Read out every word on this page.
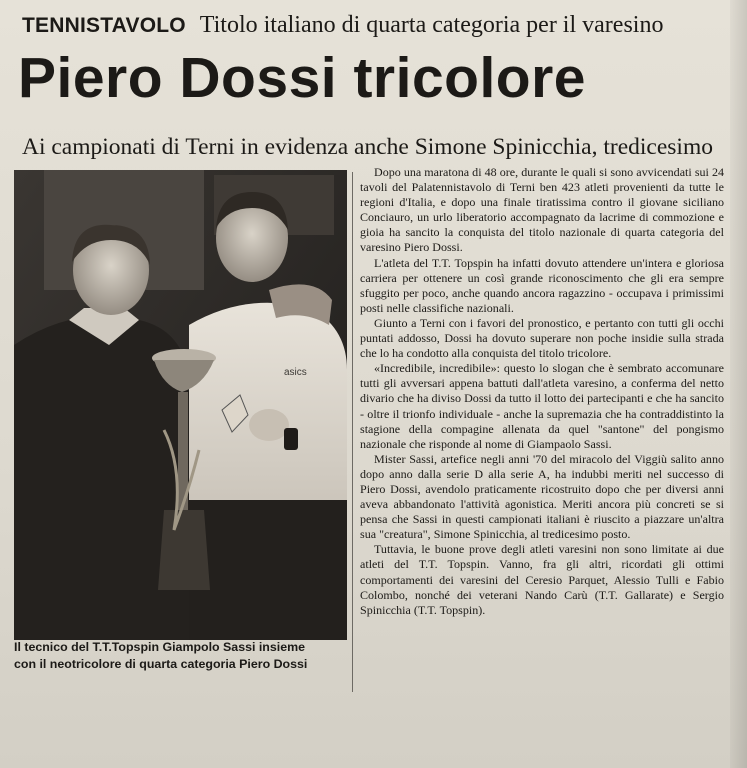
TENNISTAVOLO Titolo italiano di quarta categoria per il varesino
Piero Dossi tricolore
Ai campionati di Terni in evidenza anche Simone Spinicchia, tredicesimo
asics
Il tecnico del T.T.Topspin Giampolo Sassi insieme
con il neotricolore di quarta categoria Piero Dossi

Dopo una maratona di 48 ore, durante le quali si sono avvicendati sui 24 tavoli del Palatennistavolo di Terni ben 423 atleti provenienti da tutte le regioni d'Italia, e dopo una finale tiratissima contro il giovane siciliano Conciauro, un urlo liberatorio accompagnato da lacrime di commozione e gioia ha sancito la conquista del titolo nazionale di quarta categoria del varesino Piero Dossi.

L'atleta del T.T. Topspin ha infatti dovuto attendere un'intera e gloriosa carriera per ottenere un così grande riconoscimento che gli era sempre sfuggito per poco, anche quando ancora ragazzino - occupava i primissimi posti nelle classifiche nazionali.

Giunto a Terni con i favori del pronostico, e pertanto con tutti gli occhi puntati addosso, Dossi ha dovuto superare non poche insidie sulla strada che lo ha condotto alla conquista del titolo tricolore.

«Incredibile, incredibile»: questo lo slogan che è sembrato accomunare tutti gli avversari appena battuti dall'atleta varesino, a conferma del netto divario che ha diviso Dossi da tutto il lotto dei partecipanti e che ha sancito - oltre il trionfo individuale - anche la supremazia che ha contraddistinto la stagione della compagine allenata da quel "santone" del pongismo nazionale che risponde al nome di Giampaolo Sassi.

Mister Sassi, artefice negli anni '70 del miracolo del Viggiù salito anno dopo anno dalla serie D alla serie A, ha indubbi meriti nel successo di Piero Dossi, avendolo praticamente ricostruito dopo che per diversi anni aveva abbandonato l'attività agonistica. Meriti ancora più concreti se si pensa che Sassi in questi campionati italiani è riuscito a piazzare un'altra sua "creatura", Simone Spinicchia, al tredicesimo posto.

Tuttavia, le buone prove degli atleti varesini non sono limitate ai due atleti del T.T. Topspin. Vanno, fra gli altri, ricordati gli ottimi comportamenti dei varesini del Ceresio Parquet, Alessio Tulli e Fabio Colombo, nonché dei veterani Nando Carù (T.T. Gallarate) e Sergio Spinicchia (T.T. Topspin).
